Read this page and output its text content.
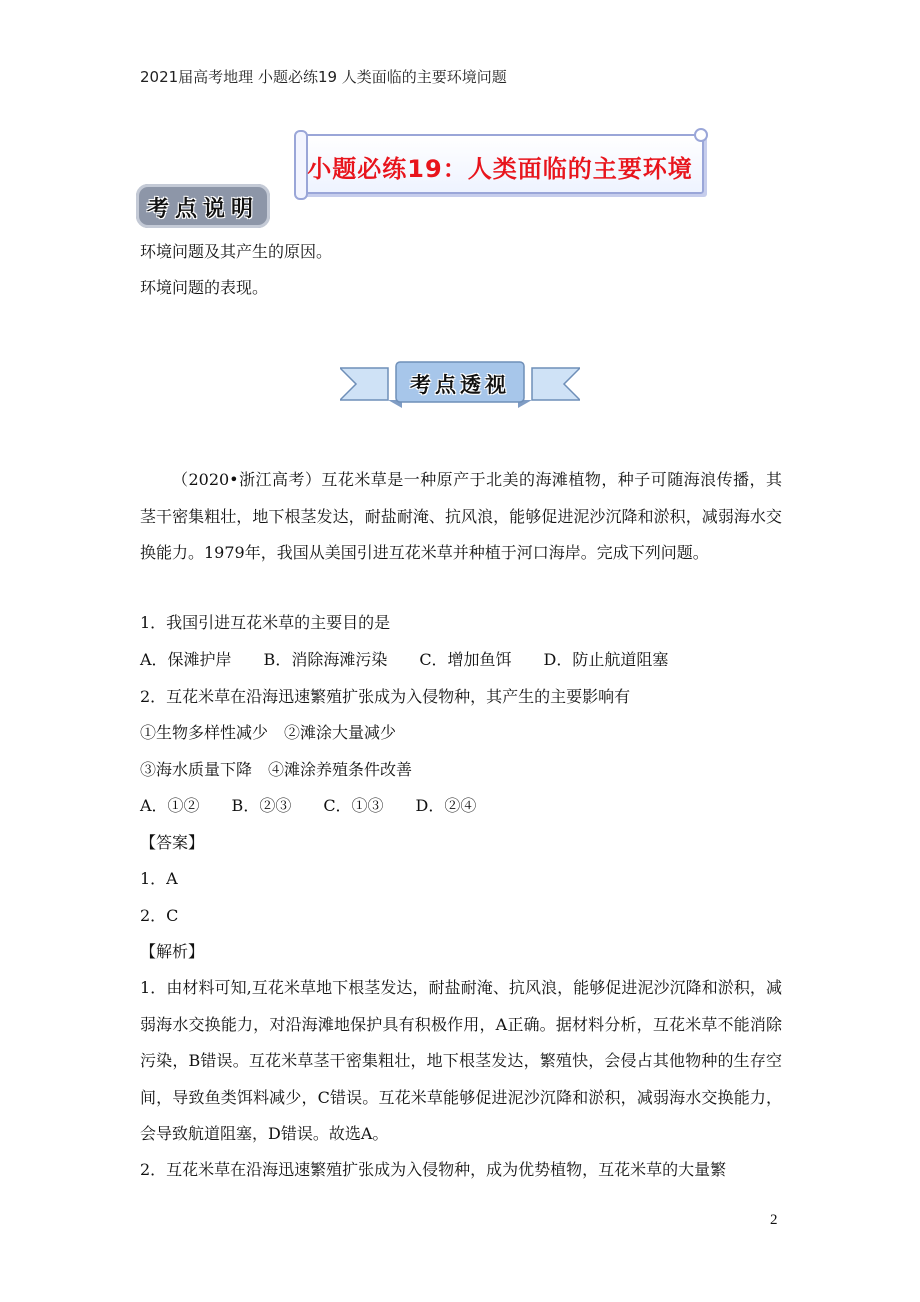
2021届高考地理 小题必练19 人类面临的主要环境问题
小题必练19：人类面临的主要环境
考点说明
环境问题及其产生的原因。
环境问题的表现。
考点透视

（2020•浙江高考）互花米草是一种原产于北美的海滩植物，种子可随海浪传播，其茎干密集粗壮，地下根茎发达，耐盐耐淹、抗风浪，能够促进泥沙沉降和淤积，减弱海水交换能力。1979年，我国从美国引进互花米草并种植于河口海岸。完成下列问题。

1．我国引进互花米草的主要目的是
A．保滩护岸　　B．消除海滩污染　　C．增加鱼饵　　D．防止航道阻塞
2．互花米草在沿海迅速繁殖扩张成为入侵物种，其产生的主要影响有
①生物多样性减少　②滩涂大量减少
③海水质量下降　④滩涂养殖条件改善
A．①②　　B．②③　　C．①③　　D．②④
【答案】
1．A
2．C
【解析】

1．由材料可知,互花米草地下根茎发达，耐盐耐淹、抗风浪，能够促进泥沙沉降和淤积，减弱海水交换能力，对沿海滩地保护具有积极作用，A正确。据材料分析，互花米草不能消除污染，B错误。互花米草茎干密集粗壮，地下根茎发达，繁殖快，会侵占其他物种的生存空间，导致鱼类饵料减少，C错误。互花米草能够促进泥沙沉降和淤积，减弱海水交换能力，会导致航道阻塞，D错误。故选A。

2．互花米草在沿海迅速繁殖扩张成为入侵物种，成为优势植物，互花米草的大量繁
2
